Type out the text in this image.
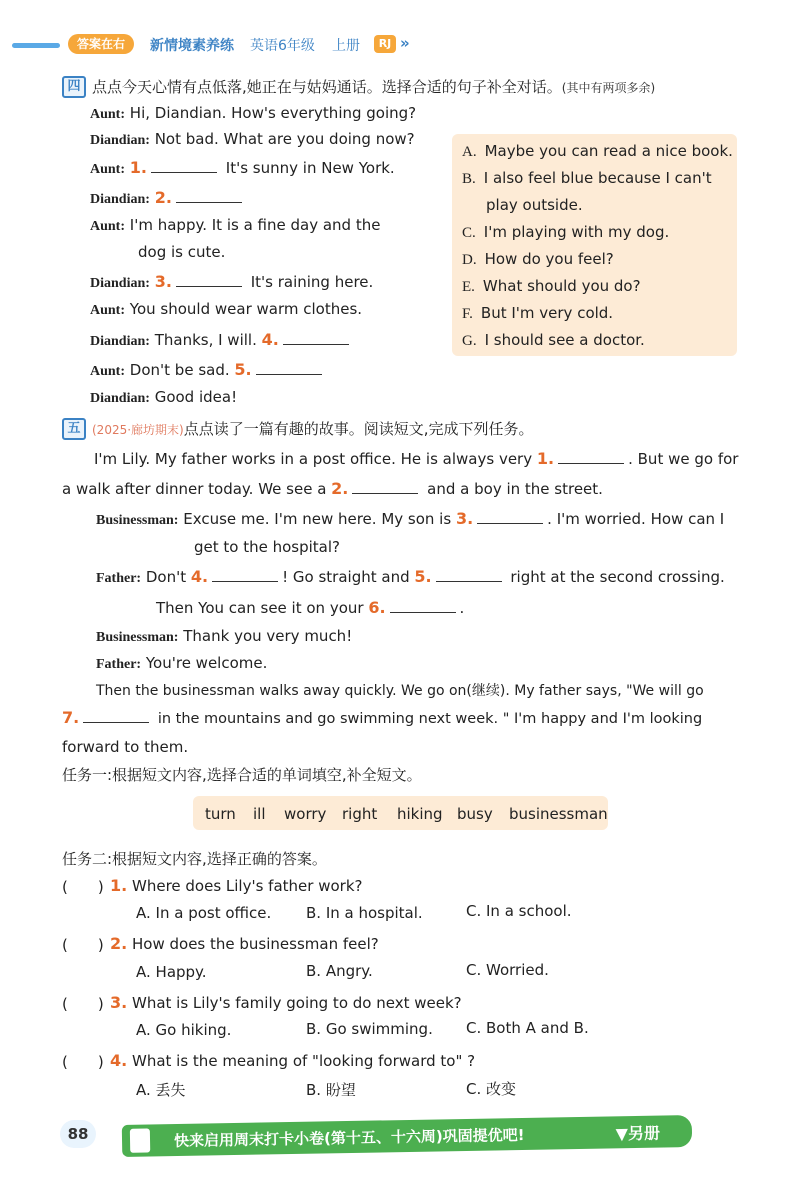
答案在右	新情境素养练 英语6年级 上册	RJ »
四 点点今天心情有点低落,她正在与姑妈通话。选择合适的句子补全对话。(其中有两项多余)
Aunt: Hi, Diandian. How's everything going?
Diandian: Not bad. What are you doing now?
Aunt: 1.	It's sunny in New York.
Diandian: 2.
Aunt: I'm happy. It is a fine day and the
dog is cute.
Diandian: 3.	It's raining here.
Aunt: You should wear warm clothes.
Diandian: Thanks, I will. 4.
Aunt: Don't be sad. 5.
Diandian: Good idea!
A. Maybe you can read a nice book.
B. I also feel blue because I can't
play outside.
C. I'm playing with my dog.
D. How do you feel?
E. What should you do?
F. But I'm very cold.
G. I should see a doctor.
五 (2025·廊坊期末)点点读了一篇有趣的故事。阅读短文,完成下列任务。
I'm Lily. My father works in a post office. He is always very 1.	. But we go for
a walk after dinner today. We see a 2.	and a boy in the street.
Businessman: Excuse me. I'm new here. My son is 3.	. I'm worried. How can I
get to the hospital?
Father: Don't 4.	! Go straight and 5.	right at the second crossing.
Then You can see it on your 6.	.
Businessman: Thank you very much!
Father: You're welcome.
Then the businessman walks away quickly. We go on(继续). My father says, "We will go
7.	in the mountains and go swimming next week. " I'm happy and I'm looking
forward to them.
任务一:根据短文内容,选择合适的单词填空,补全短文。
turn ill worry right hiking busy businessman
任务二:根据短文内容,选择正确的答案。
(　　) 1. Where does Lily's father work?
A. In a post office. B. In a hospital.	C. In a school.
(　　) 2. How does the businessman feel?
A. Happy.	B. Angry.	C. Worried.
(　　) 3. What is Lily's family going to do next week?
A. Go hiking.	B. Go swimming. C. Both A and B.
(　　) 4. What is the meaning of "looking forward to" ?
A. 丢失	B. 盼望	C. 改变
88	快来启用周末打卡小卷(第十五、十六周)巩固提优吧!	▼另册
